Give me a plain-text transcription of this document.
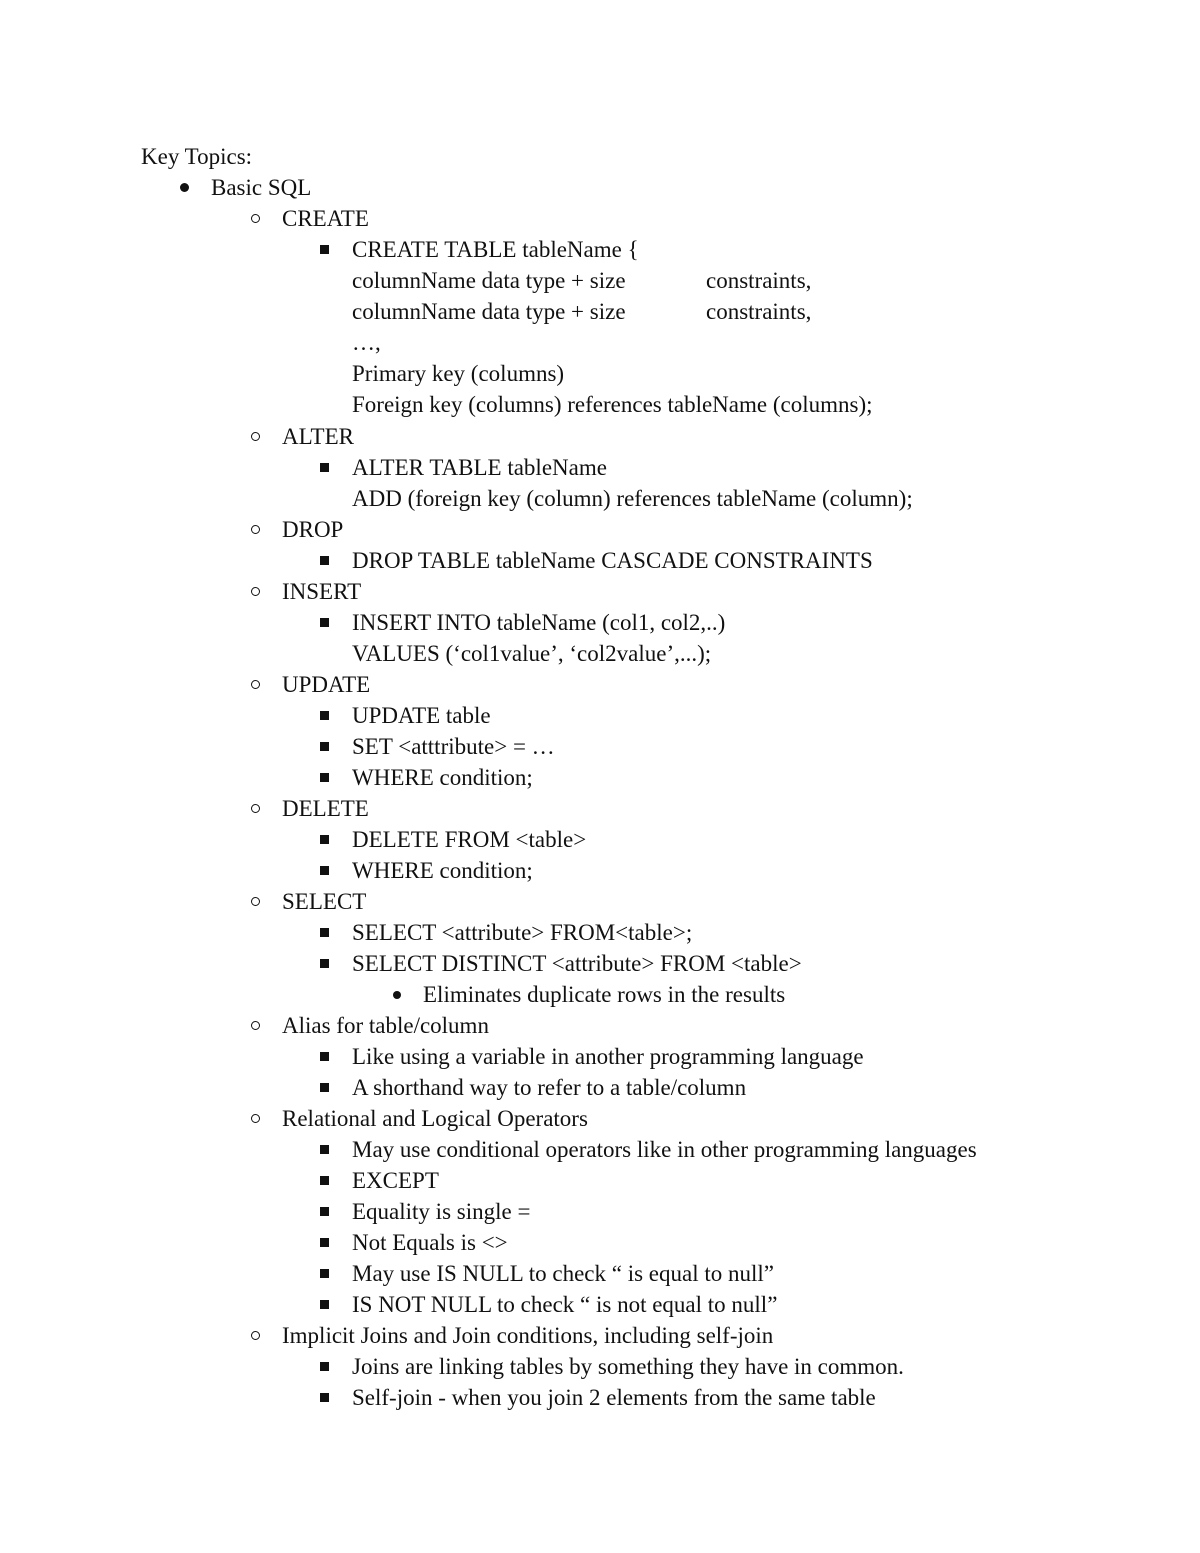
Key Topics:
Basic SQL
CREATE
CREATE TABLE tableName {
columnName data type + size	constraints,
columnName data type + size	constraints,
…,
Primary key (columns)
Foreign key (columns) references tableName (columns);
ALTER
ALTER TABLE tableName
ADD (foreign key (column) references tableName (column);
DROP
DROP TABLE tableName CASCADE CONSTRAINTS
INSERT
INSERT INTO tableName (col1, col2,..)
VALUES (‘col1value’, ‘col2value’,...);
UPDATE
UPDATE table
SET <atttribute> = …
WHERE condition;
DELETE
DELETE FROM <table>
WHERE condition;
SELECT
SELECT <attribute> FROM<table>;
SELECT DISTINCT <attribute> FROM <table>
Eliminates duplicate rows in the results
Alias for table/column
Like using a variable in another programming language
A shorthand way to refer to a table/column
Relational and Logical Operators
May use conditional operators like in other programming languages
EXCEPT
Equality is single =
Not Equals is <>
May use IS NULL to check “ is equal to null”
IS NOT NULL to check “ is not equal to null”
Implicit Joins and Join conditions, including self-join
Joins are linking tables by something they have in common.
Self-join - when you join 2 elements from the same table
